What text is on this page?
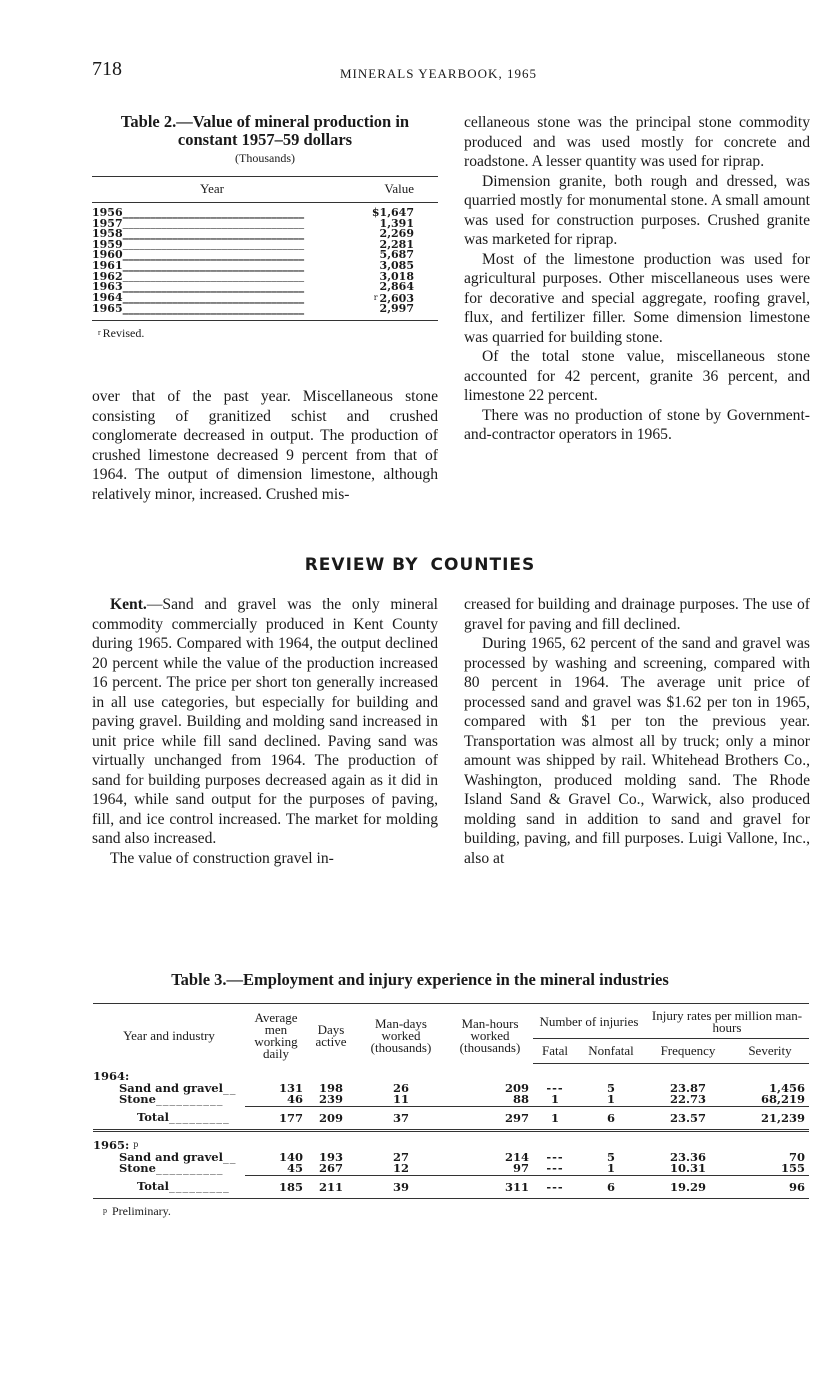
718	MINERALS YEARBOOK, 1965
Table 2.—Value of mineral production in constant 1957–59 dollars
(Thousands)
Year	Value
1956_________________________________	$1,647
1957_________________________________	1,391
1958_________________________________	2,269
1959_________________________________	2,281
1960_________________________________	5,687
1961_________________________________	3,085
1962_________________________________	3,018
1963_________________________________	2,864
1964_________________________________	$^r$ 2,603
1965_________________________________	2,997
$^r$ Revised.

over that of the past year. Miscellaneous stone consisting of granitized schist and crushed conglomerate decreased in output. The production of crushed limestone decreased 9 percent from that of 1964. The output of dimension limestone, although relatively minor, increased. Crushed mis-

cellaneous stone was the principal stone commodity produced and was used mostly for concrete and roadstone. A lesser quantity was used for riprap.

Dimension granite, both rough and dressed, was quarried mostly for monumental stone. A small amount was used for construction purposes. Crushed granite was marketed for riprap.

Most of the limestone production was used for agricultural purposes. Other miscellaneous uses were for decorative and special aggregate, roofing gravel, flux, and fertilizer filler. Some dimension limestone was quarried for building stone.

Of the total stone value, miscellaneous stone accounted for 42 percent, granite 36 percent, and limestone 22 percent.

There was no production of stone by Government-and-contractor operators in 1965.

REVIEW BY COUNTIES

Kent.—Sand and gravel was the only mineral commodity commercially produced in Kent County during 1965. Compared with 1964, the output declined 20 percent while the value of the production increased 16 percent. The price per short ton generally increased in all use categories, but especially for building and paving gravel. Building and molding sand increased in unit price while fill sand declined. Paving sand was virtually unchanged from 1964. The production of sand for building purposes decreased again as it did in 1964, while sand output for the purposes of paving, fill, and ice control increased. The market for molding sand also increased.

The value of construction gravel in-

creased for building and drainage purposes. The use of gravel for paving and fill declined.

During 1965, 62 percent of the sand and gravel was processed by washing and screening, compared with 80 percent in 1964. The average unit price of processed sand and gravel was $1.62 per ton in 1965, compared with $1 per ton the previous year. Transportation was almost all by truck; only a minor amount was shipped by rail. Whitehead Brothers Co., Washington, produced molding sand. The Rhode Island Sand & Gravel Co., Warwick, also produced molding sand in addition to sand and gravel for building, paving, and fill purposes. Luigi Vallone, Inc., also at

Table 3.—Employment and injury experience in the mineral industries
Year and industry	Average men working daily	Days active	Man-days worked (thousands)	Man-hours worked (thousands)	Number of injuries		Injury rates per million man-hours	
					Fatal	Nonfatal	Frequency	Severity
1964:								
Sand and gravel__	131	198	26	209	---	5	23.87	1,456
Stone__________	46	239	11	88	1	1	22.73	68,219
Total_________	177	209	37	297	1	6	23.57	21,239
1965: $^p$
Sand and gravel__	140	193	27	214	---	5	23.36	70
Stone__________	45	267	12	97	---	1	10.31	155
Total_________	185	211	39	311	---	6	19.29	96
$^p$ Preliminary.
